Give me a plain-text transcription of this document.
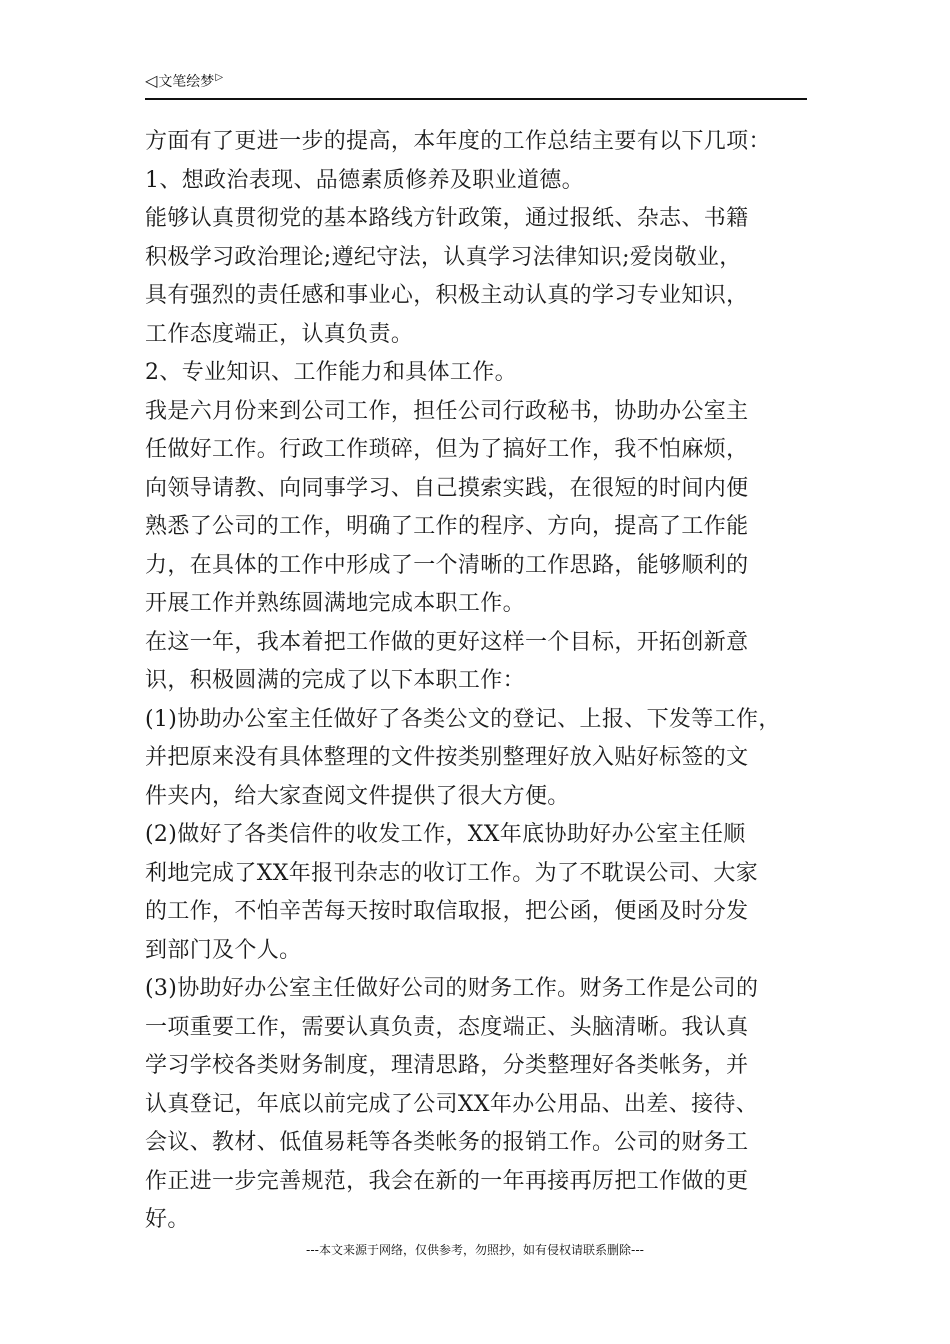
◁文笔绘梦▷
方面有了更进一步的提高，本年度的工作总结主要有以下几项：
1、想政治表现、品德素质修养及职业道德。
能够认真贯彻党的基本路线方针政策，通过报纸、杂志、书籍
积极学习政治理论;遵纪守法，认真学习法律知识;爱岗敬业，
具有强烈的责任感和事业心，积极主动认真的学习专业知识，
工作态度端正，认真负责。
2、专业知识、工作能力和具体工作。
我是六月份来到公司工作，担任公司行政秘书，协助办公室主
任做好工作。行政工作琐碎，但为了搞好工作，我不怕麻烦，
向领导请教、向同事学习、自己摸索实践，在很短的时间内便
熟悉了公司的工作，明确了工作的程序、方向，提高了工作能
力，在具体的工作中形成了一个清晰的工作思路，能够顺利的
开展工作并熟练圆满地完成本职工作。
在这一年，我本着把工作做的更好这样一个目标，开拓创新意
识，积极圆满的完成了以下本职工作：
(1)协助办公室主任做好了各类公文的登记、上报、下发等工作，
并把原来没有具体整理的文件按类别整理好放入贴好标签的文
件夹内，给大家查阅文件提供了很大方便。
(2)做好了各类信件的收发工作，XX年底协助好办公室主任顺
利地完成了XX年报刊杂志的收订工作。为了不耽误公司、大家
的工作，不怕辛苦每天按时取信取报，把公函，便函及时分发
到部门及个人。
(3)协助好办公室主任做好公司的财务工作。财务工作是公司的
一项重要工作，需要认真负责，态度端正、头脑清晰。我认真
学习学校各类财务制度，理清思路，分类整理好各类帐务，并
认真登记，年底以前完成了公司XX年办公用品、出差、接待、
会议、教材、低值易耗等各类帐务的报销工作。公司的财务工
作正进一步完善规范，我会在新的一年再接再厉把工作做的更
好。
---本文来源于网络，仅供参考，勿照抄，如有侵权请联系删除---
